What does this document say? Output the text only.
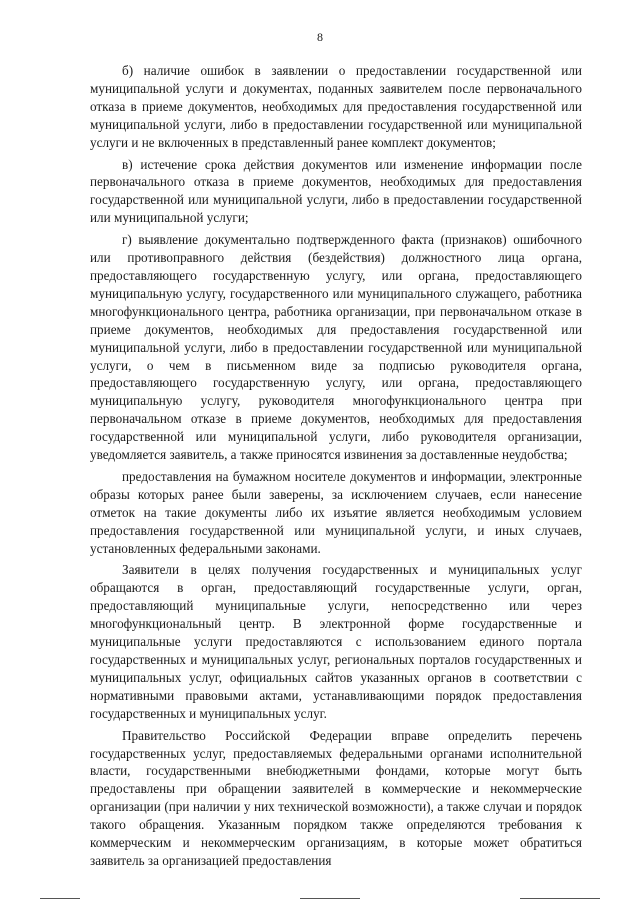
8

б) наличие ошибок в заявлении о предоставлении государственной или муниципальной услуги и документах, поданных заявителем после первоначального отказа в приеме документов, необходимых для предоставления государственной или муниципальной услуги, либо в предоставлении государственной или муниципальной услуги и не включенных в представленный ранее комплект документов;

в) истечение срока действия документов или изменение информации после первоначального отказа в приеме документов, необходимых для предоставления государственной или муниципальной услуги, либо в предоставлении государственной или муниципальной услуги;

г) выявление документально подтвержденного факта (признаков) ошибочного или противоправного действия (бездействия) должностного лица органа, предоставляющего государственную услугу, или органа, предоставляющего муниципальную услугу, государственного или муниципального служащего, работника многофункционального центра, работника организации, при первоначальном отказе в приеме документов, необходимых для предоставления государственной или муниципальной услуги, либо в предоставлении государственной или муниципальной услуги, о чем в письменном виде за подписью руководителя органа, предоставляющего государственную услугу, или органа, предоставляющего муниципальную услугу, руководителя многофункционального центра при первоначальном отказе в приеме документов, необходимых для предоставления государственной или муниципальной услуги, либо руководителя организации, уведомляется заявитель, а также приносятся извинения за доставленные неудобства;

предоставления на бумажном носителе документов и информации, электронные образы которых ранее были заверены, за исключением случаев, если нанесение отметок на такие документы либо их изъятие является необходимым условием предоставления государственной или муниципальной услуги, и иных случаев, установленных федеральными законами.

Заявители в целях получения государственных и муниципальных услуг обращаются в орган, предоставляющий государственные услуги, орган, предоставляющий муниципальные услуги, непосредственно или через многофункциональный центр. В электронной форме государственные и муниципальные услуги предоставляются с использованием единого портала государственных и муниципальных услуг, региональных порталов государственных и муниципальных услуг, официальных сайтов указанных органов в соответствии с нормативными правовыми актами, устанавливающими порядок предоставления государственных и муниципальных услуг.

Правительство Российской Федерации вправе определить перечень государственных услуг, предоставляемых федеральными органами исполнительной власти, государственными внебюджетными фондами, которые могут быть предоставлены при обращении заявителей в коммерческие и некоммерческие организации (при наличии у них технической возможности), а также случаи и порядок такого обращения. Указанным порядком также определяются требования к коммерческим и некоммерческим организациям, в которые может обратиться заявитель за организацией предоставления
